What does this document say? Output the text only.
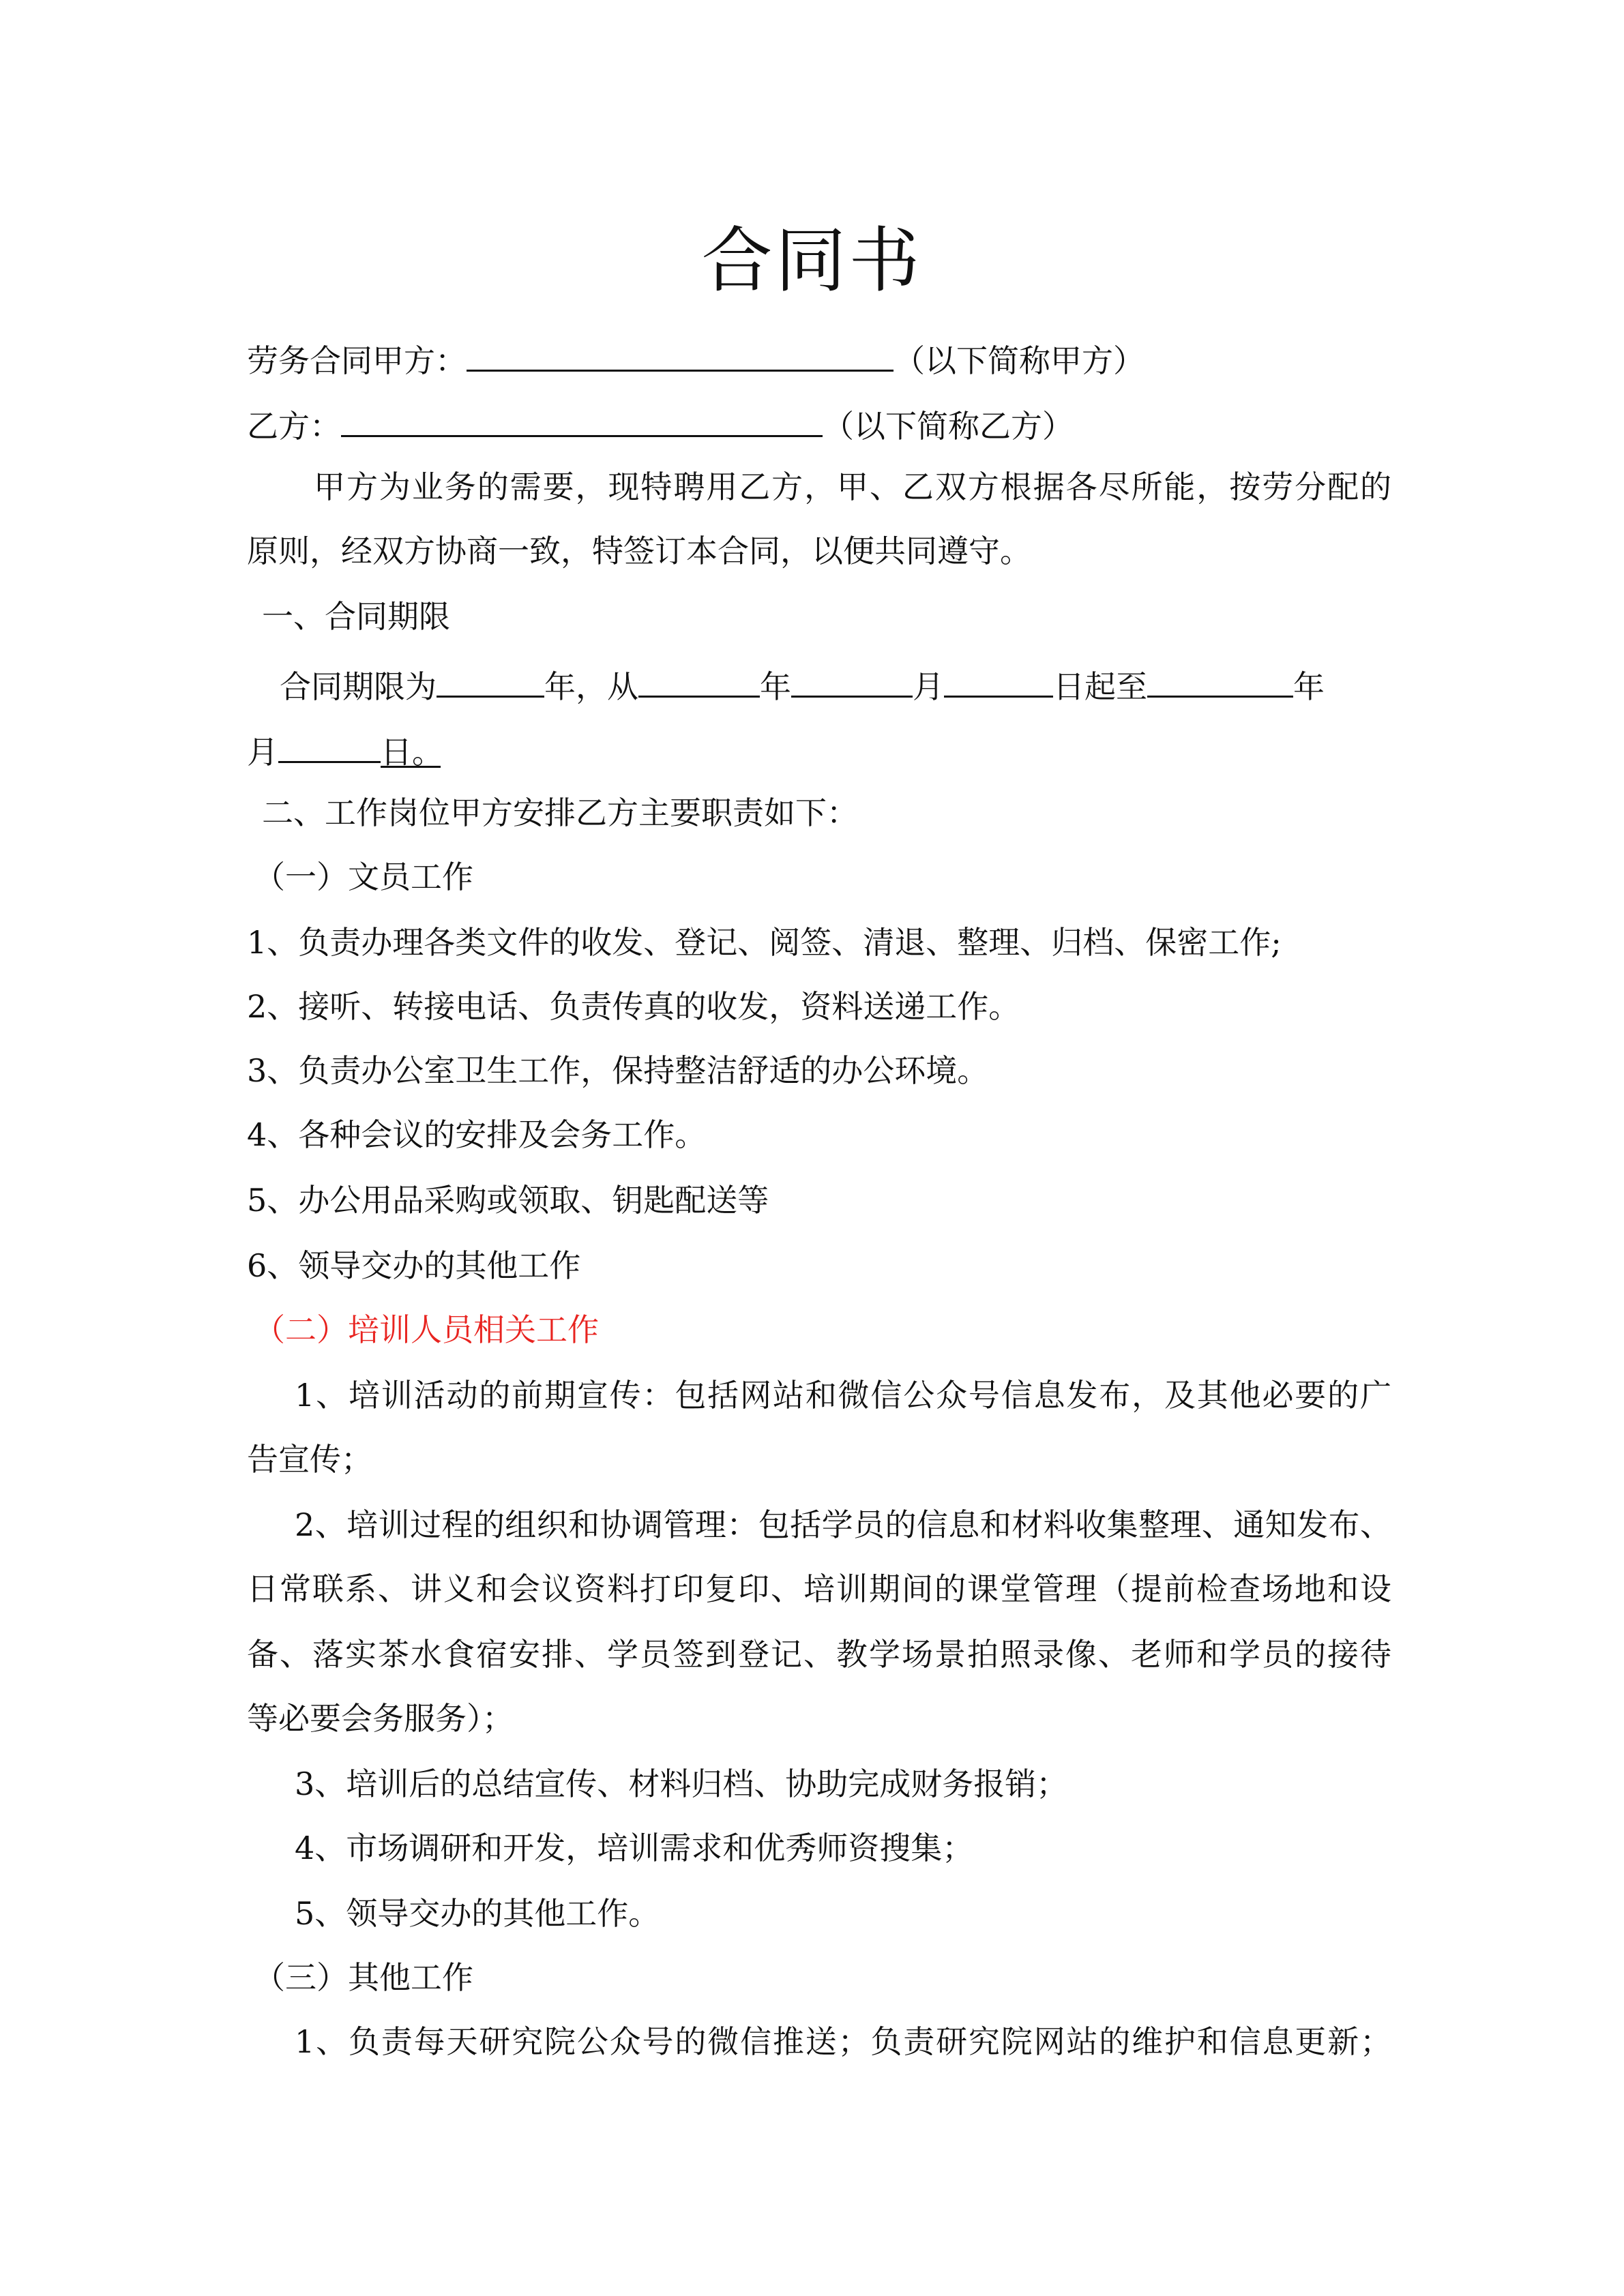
合同书
劳务合同甲方：	（以下简称甲方）
乙方：	（以下简称乙方）
甲方为业务的需要，现特聘用乙方，甲、乙双方根据各尽所能，按劳分配的
原则，经双方协商一致，特签订本合同，以便共同遵守。
一、合同期限
合同期限为	年，从	年	月	日起至	年
月	日。
二、工作岗位甲方安排乙方主要职责如下：
（一）文员工作
1、负责办理各类文件的收发、登记、阅签、清退、整理、归档、保密工作;
2、接听、转接电话、负责传真的收发，资料送递工作。
3、负责办公室卫生工作，保持整洁舒适的办公环境。
4、各种会议的安排及会务工作。
5、办公用品采购或领取、钥匙配送等
6、领导交办的其他工作
（二）培训人员相关工作
1、培训活动的前期宣传：包括网站和微信公众号信息发布，及其他必要的广
告宣传；
2、培训过程的组织和协调管理：包括学员的信息和材料收集整理、通知发布、
日常联系、讲义和会议资料打印复印、培训期间的课堂管理（提前检查场地和设
备、落实茶水食宿安排、学员签到登记、教学场景拍照录像、老师和学员的接待
等必要会务服务）；
3、培训后的总结宣传、材料归档、协助完成财务报销；
4、市场调研和开发，培训需求和优秀师资搜集；
5、领导交办的其他工作。
（三）其他工作
1、负责每天研究院公众号的微信推送；负责研究院网站的维护和信息更新；
